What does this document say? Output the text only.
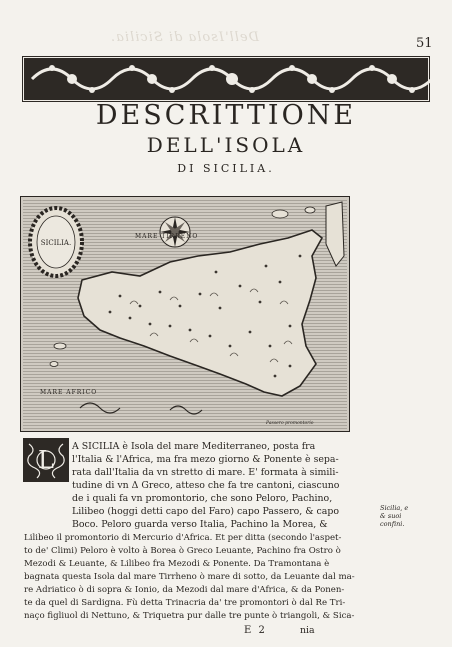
Dell'Isola di Sicilia.	51
DESCRITTIONE
DELL'ISOLA
DI SICILIA.
SICILIA.
MARE TIRRENO
MARE AFRICO
Passero promontorio
L A SICILIA è Isola del mare Mediterraneo, posta fra
l'Italia & l'Africa, ma fra mezo giorno & Ponente è sepa-
rata dall'Italia da vn stretto di mare. E' formata à simili-
tudine di vn Δ Greco, atteso che fa tre cantoni, ciascuno
de i quali fa vn promontorio, che sono Peloro, Pachino,
Lilibeo (hoggi detti capo del Faro) capo Passero, & capo
Boco. Peloro guarda verso Italia, Pachino la Morea, &
Lilibeo il promontorio di Mercurio d'Africa. Et per ditta (secondo l'aspet-
to de' Climi) Peloro è volto à Borea ò Greco Leuante, Pachino fra Ostro ò
Mezodi & Leuante, & Lilibeo fra Mezodi & Ponente. Da Tramontana è
bagnata questa Isola dal mare Tirrheno ò mare di sotto, da Leuante dal ma-
re Adriatico ò di sopra & Ionio, da Mezodi dal mare d'Africa, & da Ponen-
te da quel di Sardigna. Fù detta Trinacria da' tre promontori ò dal Re Tri-
naço figliuol di Nettuno, & Triquetra pur dalle tre punte ò triangoli, & Sica-
Sicilia, e
& suoi
confini.
E 2	nia
